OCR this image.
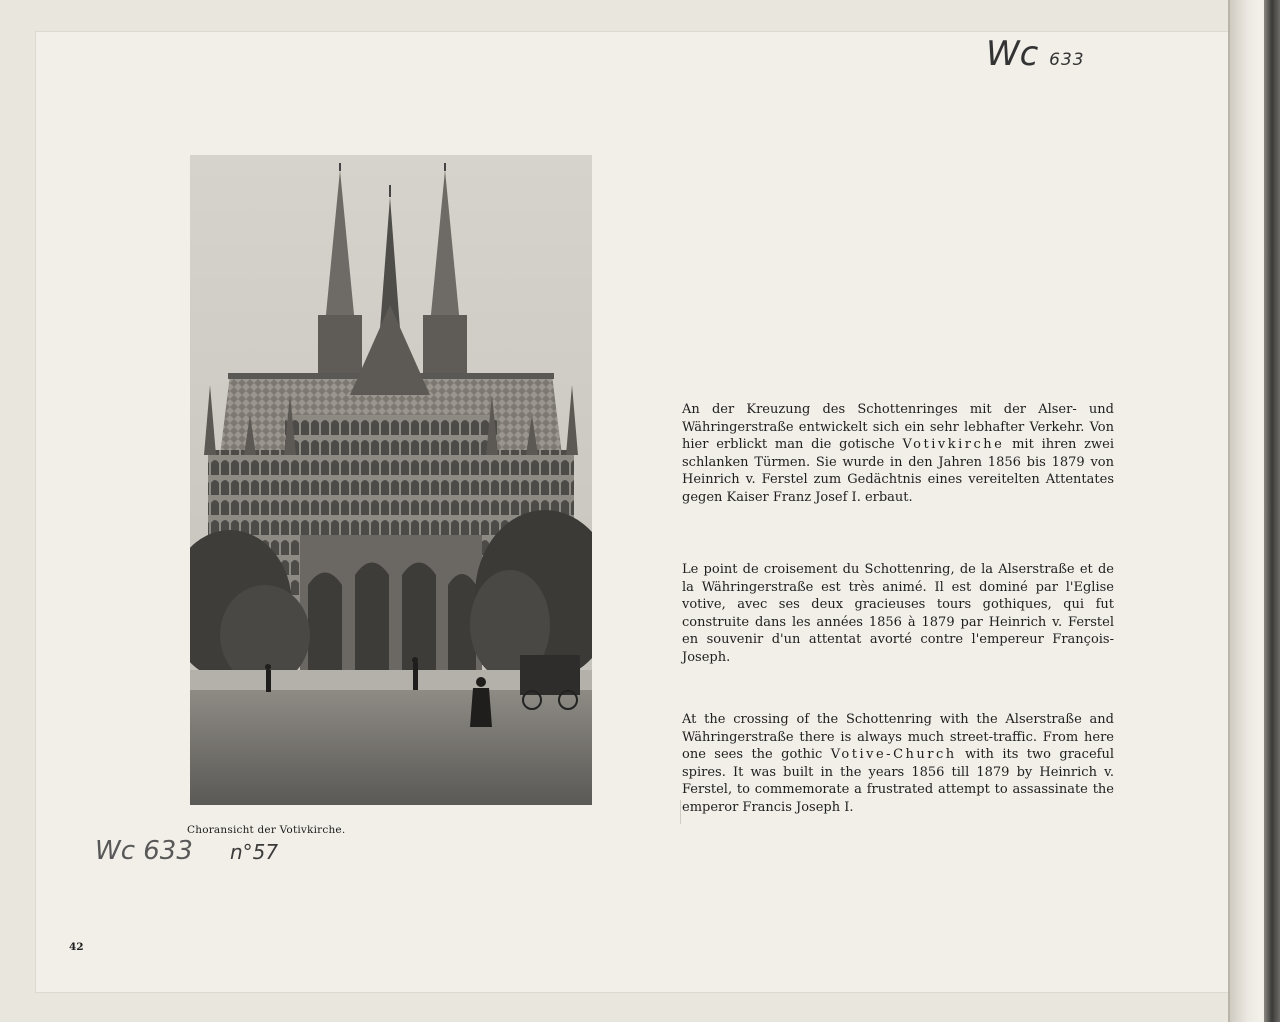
Wc 633

Choransicht der Votivkirche.

An der Kreuzung des Schottenringes mit der Alser- und Währingerstraße entwickelt sich ein sehr lebhafter Verkehr. Von hier erblickt man die gotische Votivkirche mit ihren zwei schlanken Türmen. Sie wurde in den Jahren 1856 bis 1879 von Heinrich v. Ferstel zum Gedächtnis eines vereitelten Attentates gegen Kaiser Franz Josef I. erbaut.

Le point de croisement du Schottenring, de la Alserstraße et de la Währingerstraße est très animé. Il est dominé par l'Eglise votive, avec ses deux gracieuses tours gothiques, qui fut construite dans les années 1856 à 1879 par Heinrich v. Ferstel en souvenir d'un attentat avorté contre l'empereur François-Joseph.

At the crossing of the Schottenring with the Alserstraße and Währingerstraße there is always much street-traffic. From here one sees the gothic Votive-Church with its two graceful spires. It was built in the years 1856 till 1879 by Heinrich v. Ferstel, to commemorate a frustrated attempt to assassinate the emperor Francis Joseph I.

Wc 633 n°57
42
